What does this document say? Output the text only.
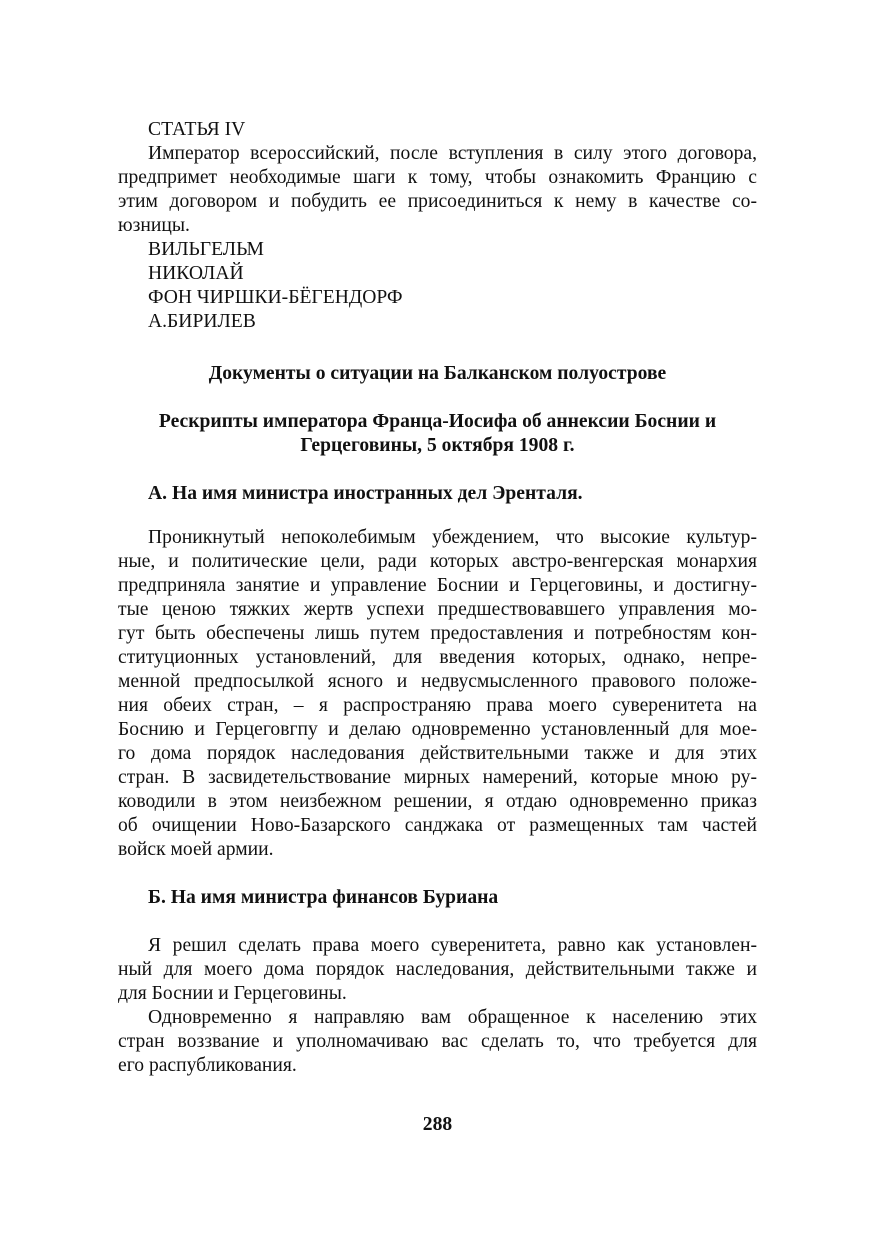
СТАТЬЯ IV
Император всероссийский, после вступления в силу этого договора,
предпримет необходимые шаги к тому, чтобы ознакомить Францию с
этим договором и побудить ее присоединиться к нему в качестве со-
юзницы.
ВИЛЬГЕЛЬМ
НИКОЛАЙ
ФОН ЧИРШКИ-БЁГЕНДОРФ
А.БИРИЛЕВ
Документы о ситуации на Балканском полуострове
Рескрипты императора Франца-Иосифа об аннексии Боснии и
Герцеговины, 5 октября 1908 г.
А. На имя министра иностранных дел Эренталя.
Проникнутый непоколебимым убеждением, что высокие культур-
ные, и политические цели, ради которых австро-венгерская монархия
предприняла занятие и управление Боснии и Герцеговины, и достигну-
тые ценою тяжких жертв успехи предшествовавшего управления мо-
гут быть обеспечены лишь путем предоставления и потребностям кон-
ституционных установлений, для введения которых, однако, непре-
менной предпосылкой ясного и недвусмысленного правового положе-
ния обеих стран, – я распространяю права моего суверенитета на
Боснию и Герцеговгпу и делаю одновременно установленный для мое-
го дома порядок наследования действительными также и для этих
стран. В засвидетельствование мирных намерений, которые мною ру-
ководили в этом неизбежном решении, я отдаю одновременно приказ
об очищении Ново-Базарского санджака от размещенных там частей
войск моей армии.
Б. На имя министра финансов Буриана
Я решил сделать права моего суверенитета, равно как установлен-
ный для моего дома порядок наследования, действительными также и
для Боснии и Герцеговины.
Одновременно я направляю вам обращенное к населению этих
стран воззвание и уполномачиваю вас сделать то, что требуется для
его распубликования.
288
